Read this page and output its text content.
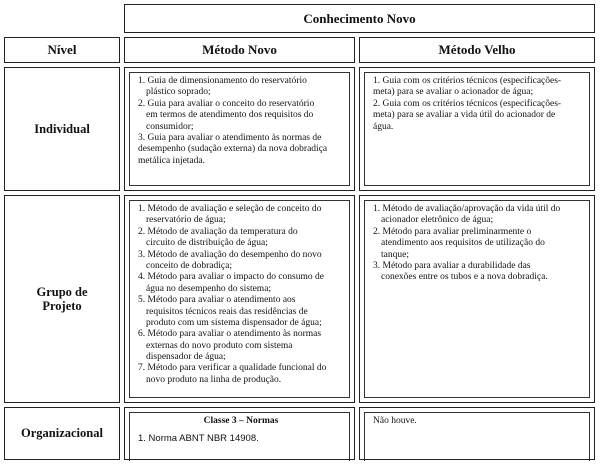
Conhecimento Novo
Nível	Método Novo	Método Velho
Individual
1. Guia de dimensionamento do reservatório
plástico soprado;
2. Guia para avaliar o conceito do reservatório
em termos de atendimento dos requisitos do
consumidor;
3. Guia para avaliar o atendimento às normas de
desempenho (sudação externa) da nova dobradiça
metálica injetada.
1. Guia com os critérios técnicos (especificações-
meta) para se avaliar o acionador de água;
2. Guia com os critérios técnicos (especificações-
meta) para se avaliar a vida útil do acionador de
água.
Grupo de
Projeto
1. Método de avaliação e seleção de conceito do
reservatório de água;
2. Método de avaliação da temperatura do
circuito de distribuição de água;
3. Método de avaliação do desempenho do novo
conceito de dobradiça;
4. Método para avaliar o impacto do consumo de
água no desempenho do sistema;
5. Método para avaliar o atendimento aos
requisitos técnicos reais das residências de
produto com um sistema dispensador de água;
6. Método para avaliar o atendimento às normas
externas do novo produto com sistema
dispensador de água;
7. Método para verificar a qualidade funcional do
novo produto na linha de produção.
1. Método de avaliação/aprovação da vida útil do
acionador eletrônico de água;
2. Método para avaliar preliminarmente o
atendimento aos requisitos de utilização do
tanque;
3. Método para avaliar a durabilidade das
conexões entre os tubos e a nova dobradiça.
Organizacional
Classe 3 – Normas
1. Norma ABNT NBR 14908.
Não houve.
